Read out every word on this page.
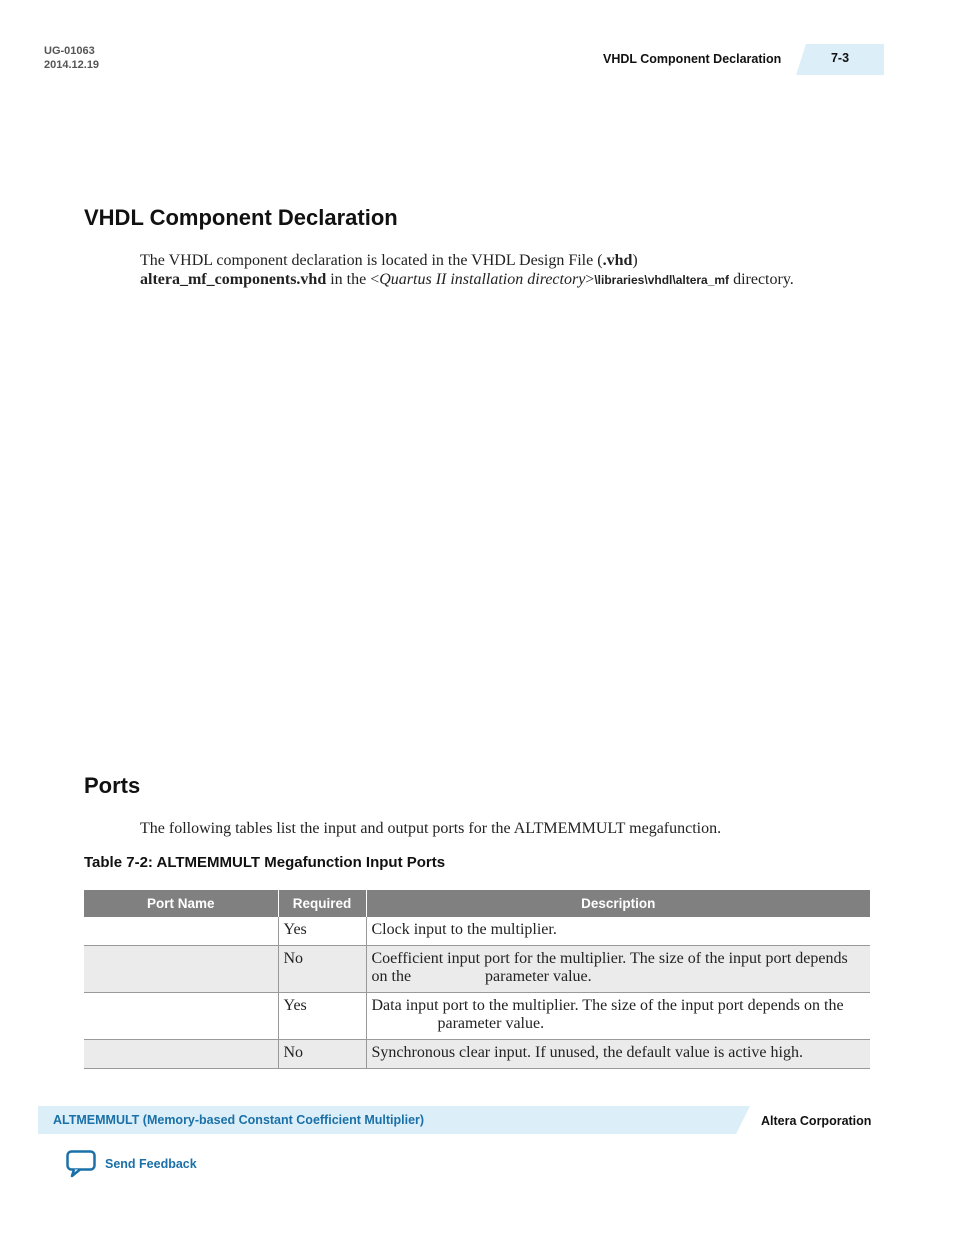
UG-01063
2014.12.19	VHDL Component Declaration	7-3
VHDL Component Declaration
The VHDL component declaration is located in the VHDL Design File (.vhd)
altera_mf_components.vhd in the <Quartus II installation directory>\libraries\vhdl\altera_mf directory.
Ports
The following tables list the input and output ports for the ALTMEMMULT megafunction.
Table 7-2: ALTMEMMULT Megafunction Input Ports
Port Name	Required	Description
	Yes	Clock input to the multiplier.
	No	Coefficient input port for the multiplier. The size of the input port depends on the parameter value.
	Yes	Data input port to the multiplier. The size of the input port depends on the  parameter value.
	No	Synchronous clear input. If unused, the default value is active high.
ALTMEMMULT (Memory-based Constant Coefficient Multiplier)	Altera Corporation
Send Feedback
